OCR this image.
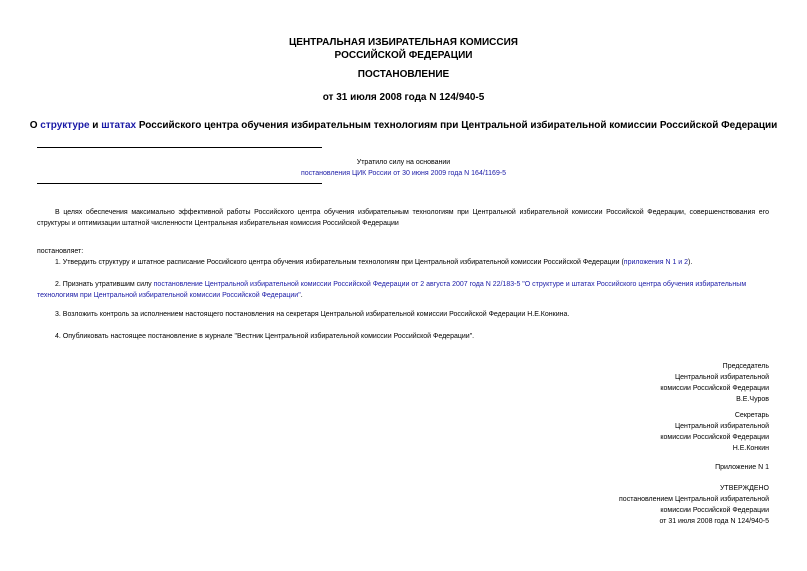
ЦЕНТРАЛЬНАЯ ИЗБИРАТЕЛЬНАЯ КОМИССИЯ
РОССИЙСКОЙ ФЕДЕРАЦИИ
ПОСТАНОВЛЕНИЕ
от 31 июля 2008 года N 124/940-5
О структуре и штатах Российского центра обучения избирательным технологиям при Центральной избирательной комиссии Российской Федерации
Утратило силу на основании
постановления ЦИК России от 30 июня 2009 года N 164/1169-5
В целях обеспечения максимально эффективной работы Российского центра обучения избирательным технологиям при Центральной избирательной комиссии Российской Федерации, совершенствования его структуры и оптимизации штатной численности Центральная избирательная комиссия Российской Федерации
постановляет:
1. Утвердить структуру и штатное расписание Российского центра обучения избирательным технологиям при Центральной избирательной комиссии Российской Федерации (приложения N 1 и 2).
2. Признать утратившим силу постановление Центральной избирательной комиссии Российской Федерации от 2 августа 2007 года N 22/183-5 "О структуре и штатах Российского центра обучения избирательным технологиям при Центральной избирательной комиссии Российской Федерации".
3. Возложить контроль за исполнением настоящего постановления на секретаря Центральной избирательной комиссии Российской Федерации Н.Е.Конкина.
4. Опубликовать настоящее постановление в журнале "Вестник Центральной избирательной комиссии Российской Федерации".
Председатель
Центральной избирательной
комиссии Российской Федерации
В.Е.Чуров
Секретарь
Центральной избирательной
комиссии Российской Федерации
Н.Е.Конкин
Приложение N 1
УТВЕРЖДЕНО
постановлением Центральной избирательной
комиссии Российской Федерации
от 31 июля 2008 года N 124/940-5
